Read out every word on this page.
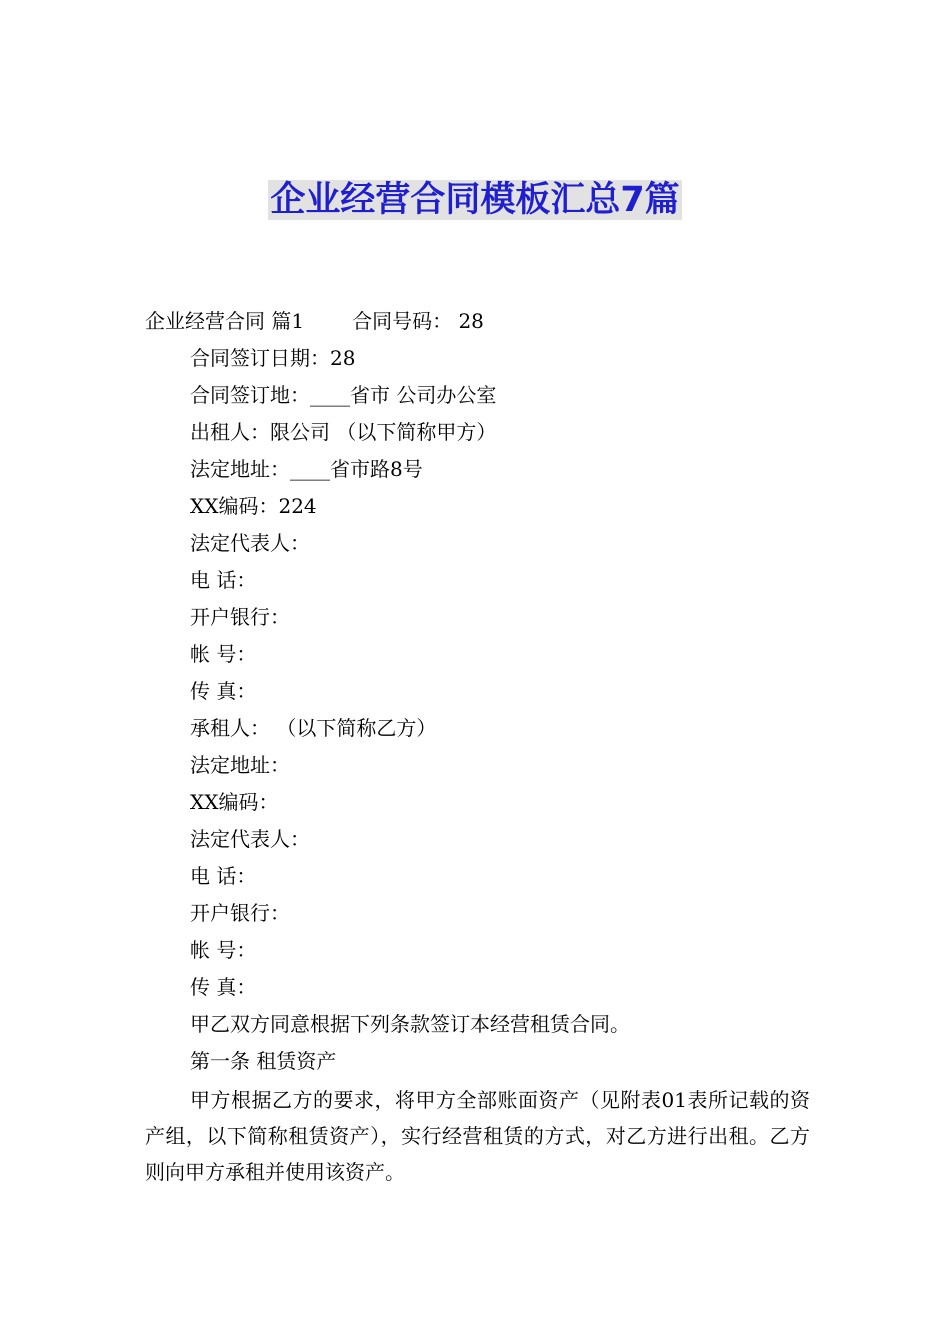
企业经营合同模板汇总7篇
企业经营合同 篇1 合同号码： 28
合同签订日期：28
合同签订地：____省市 公司办公室
出租人：限公司 （以下简称甲方）
法定地址：____省市路8号
XX编码：224
法定代表人：
电 话：
开户银行：
帐 号：
传 真：
承租人： （以下简称乙方）
法定地址：
XX编码：
法定代表人：
电 话：
开户银行：
帐 号：
传 真：
甲乙双方同意根据下列条款签订本经营租赁合同。
第一条 租赁资产
甲方根据乙方的要求，将甲方全部账面资产（见附表01表所记载的资产组，以下简称租赁资产），实行经营租赁的方式，对乙方进行出租。乙方则向甲方承租并使用该资产。
